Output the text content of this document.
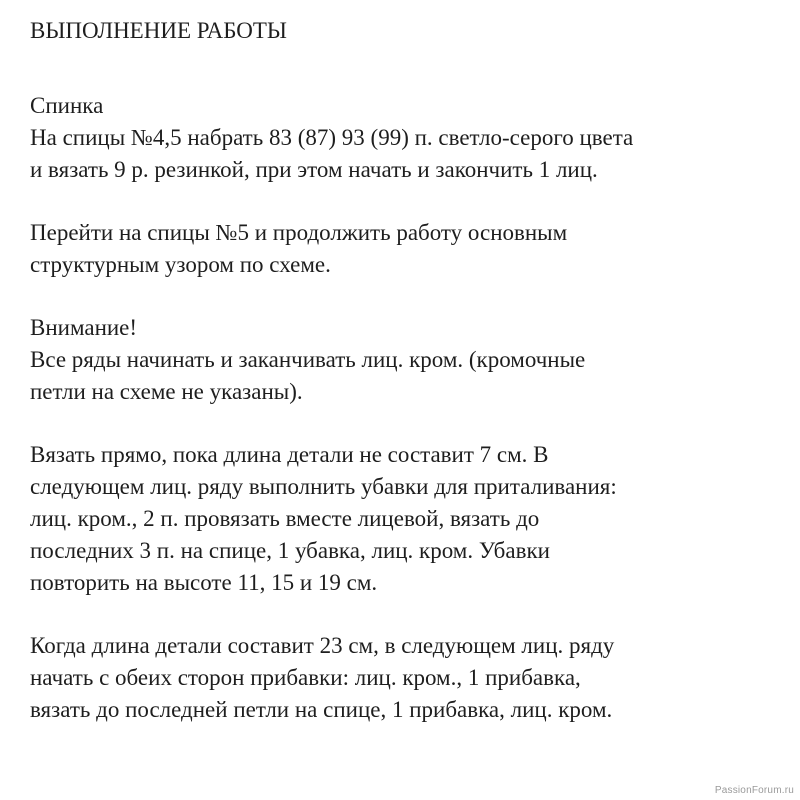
ВЫПОЛНЕНИЕ РАБОТЫ

Спинка
На спицы №4,5 набрать 83 (87) 93 (99) п. светло-серого цвета
и вязать 9 р. резинкой, при этом начать и закончить 1 лиц.

Перейти на спицы №5 и продолжить работу основным
структурным узором по схеме.

Внимание!
Все ряды начинать и заканчивать лиц. кром. (кромочные
петли на схеме не указаны).

Вязать прямо, пока длина детали не составит 7 см. В
следующем лиц. ряду выполнить убавки для приталивания:
лиц. кром., 2 п. провязать вместе лицевой, вязать до
последних 3 п. на спице, 1 убавка, лиц. кром. Убавки
повторить на высоте 11, 15 и 19 см.

Когда длина детали составит 23 см, в следующем лиц. ряду
начать с обеих сторон прибавки: лиц. кром., 1 прибавка,
вязать до последней петли на спице, 1 прибавка, лиц. кром.

PassionForum.ru
